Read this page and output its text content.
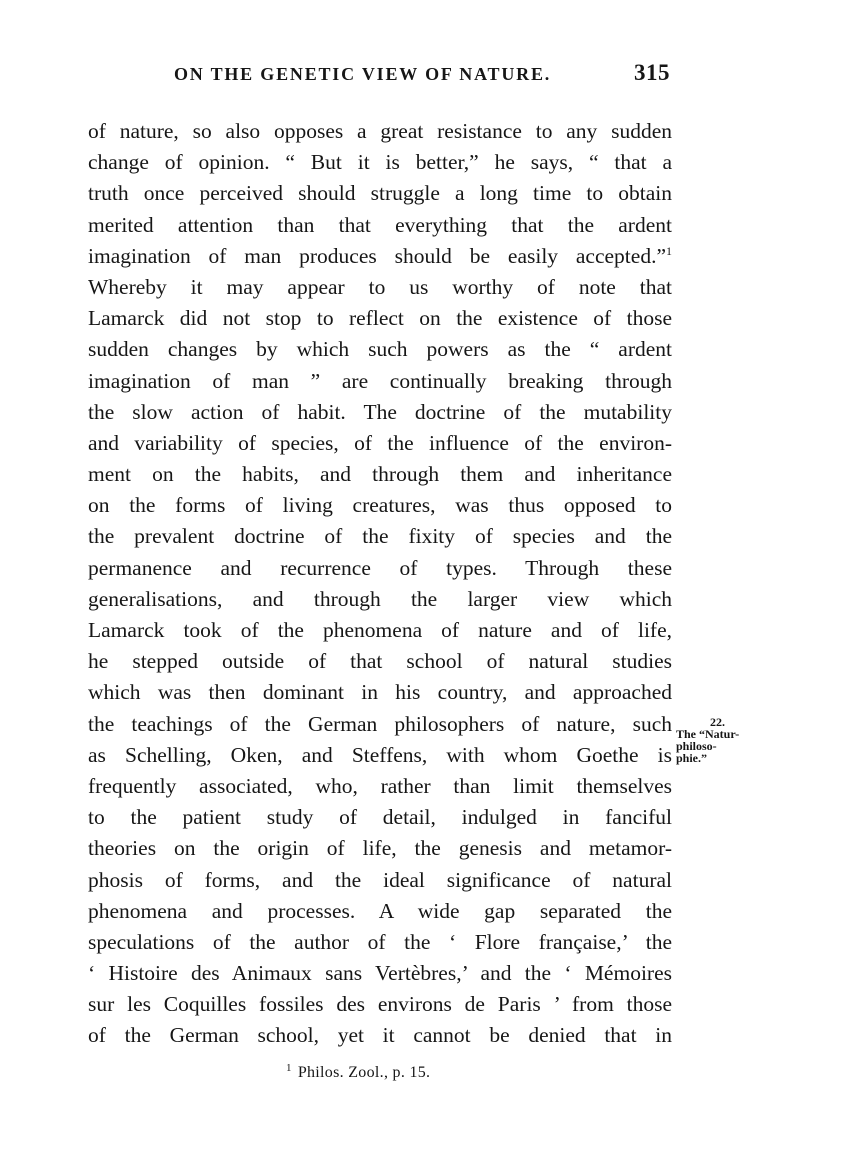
ON THE GENETIC VIEW OF NATURE.	315
of nature, so also opposes a great resistance to any sudden
change of opinion. “ But it is better,” he says, “ that a
truth once perceived should struggle a long time to obtain
merited attention than that everything that the ardent
imagination of man produces should be easily accepted.”$^1$
Whereby it may appear to us worthy of note that
Lamarck did not stop to reflect on the existence of those
sudden changes by which such powers as the “ ardent
imagination of man ” are continually breaking through
the slow action of habit. The doctrine of the mutability
and variability of species, of the influence of the environ-
ment on the habits, and through them and inheritance
on the forms of living creatures, was thus opposed to
the prevalent doctrine of the fixity of species and the
permanence and recurrence of types. Through these
generalisations, and through the larger view which
Lamarck took of the phenomena of nature and of life,
he stepped outside of that school of natural studies
which was then dominant in his country, and approached
the teachings of the German philosophers of nature, such
as Schelling, Oken, and Steffens, with whom Goethe is
frequently associated, who, rather than limit themselves
to the patient study of detail, indulged in fanciful
theories on the origin of life, the genesis and metamor-
phosis of forms, and the ideal significance of natural
phenomena and processes. A wide gap separated the
speculations of the author of the ‘ Flore française,’ the
‘ Histoire des Animaux sans Vertèbres,’ and the ‘ Mémoires
sur les Coquilles fossiles des environs de Paris ’ from those
of the German school, yet it cannot be denied that in
22.
The “Natur-
philoso-
phie.”
$^1$ Philos. Zool., p. 15.
